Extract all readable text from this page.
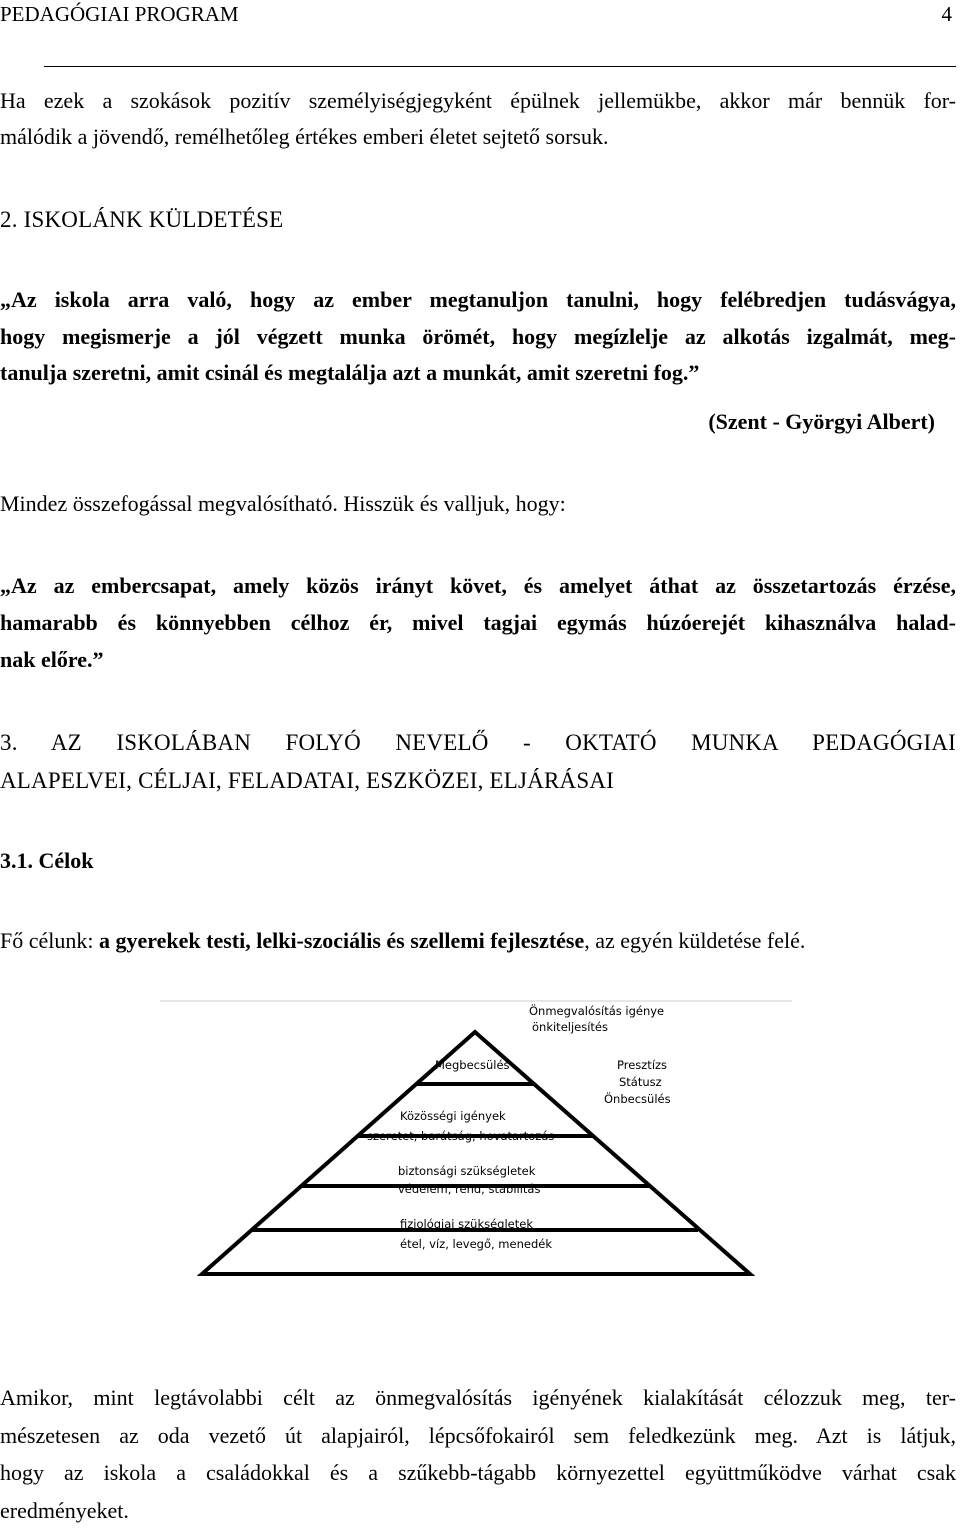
PEDAGÓGIAI PROGRAM	4
Ha ezek a szokások pozitív személyiségjegyként épülnek jellemükbe, akkor már bennük for-
málódik a jövendő, remélhetőleg értékes emberi életet sejtető sorsuk.
2. ISKOLÁNK KÜLDETÉSE
„Az iskola arra való, hogy az ember megtanuljon tanulni, hogy felébredjen tudásvágya,
hogy megismerje a jól végzett munka örömét, hogy megízlelje az alkotás izgalmát, meg-
tanulja szeretni, amit csinál és megtalálja azt a munkát, amit szeretni fog.”
(Szent - Györgyi Albert)
Mindez összefogással megvalósítható. Hisszük és valljuk, hogy:
„Az az embercsapat, amely közös irányt követ, és amelyet áthat az összetartozás érzése,
hamarabb és könnyebben célhoz ér, mivel tagjai egymás húzóerejét kihasználva halad-
nak előre.”
3. AZ ISKOLÁBAN FOLYÓ NEVELŐ - OKTATÓ MUNKA PEDAGÓGIAI
ALAPELVEI, CÉLJAI, FELADATAI, ESZKÖZEI, ELJÁRÁSAI
3.1. Célok
Fő célunk: a gyerekek testi, lelki-szociális és szellemi fejlesztése, az egyén küldetése felé.
Önmegvalósítás igénye
önkiteljesítés
Megbecsülés	Presztízs
Státusz
Önbecsülés
Közösségi igények
szeretet, barátság, hovatartozás
biztonsági szükségletek
védelem, rend, stabilitás
fiziológiai szükségletek
étel, víz, levegő, menedék
Amikor, mint legtávolabbi célt az önmegvalósítás igényének kialakítását célozzuk meg, ter-
mészetesen az oda vezető út alapjairól, lépcsőfokairól sem feledkezünk meg. Azt is látjuk,
hogy az iskola a családokkal és a szűkebb-tágabb környezettel együttműködve várhat csak
eredményeket.
